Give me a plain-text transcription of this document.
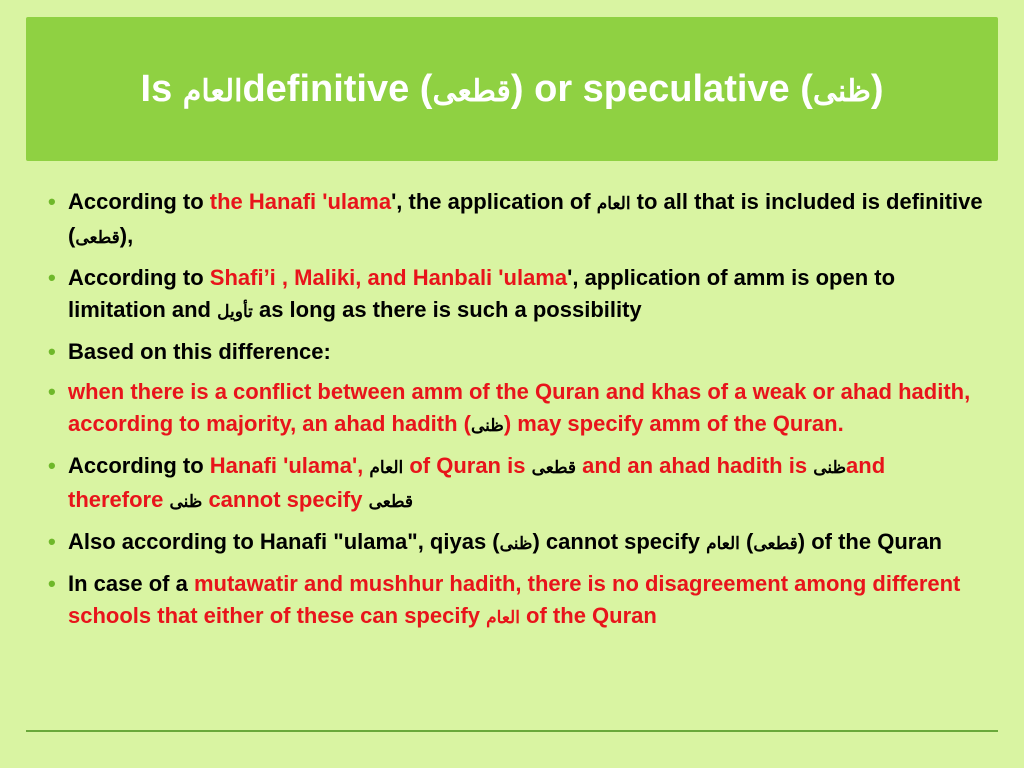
Is العامdefinitive (قطعى) or speculative (ظنى)
• According to the Hanafi 'ulama', the application of العام to all that is included is definitive (قطعى),
• According to Shafi’i , Maliki, and Hanbali 'ulama', application of amm is open to limitation and تأويل as long as there is such a possibility
• Based on this difference:
• when there is a conflict between amm of the Quran and khas of a weak or ahad hadith, according to majority, an ahad hadith (ظنى) may specify amm of the Quran.
• According to Hanafi 'ulama', العام of Quran is قطعى and an ahad hadith is ظنىand therefore ظنى cannot specify قطعى
• Also according to Hanafi "ulama", qiyas (ظنى) cannot specify العام (قطعى) of the Quran
• In case of a mutawatir and mushhur hadith, there is no disagreement among different schools that either of these can specify العام of the Quran
